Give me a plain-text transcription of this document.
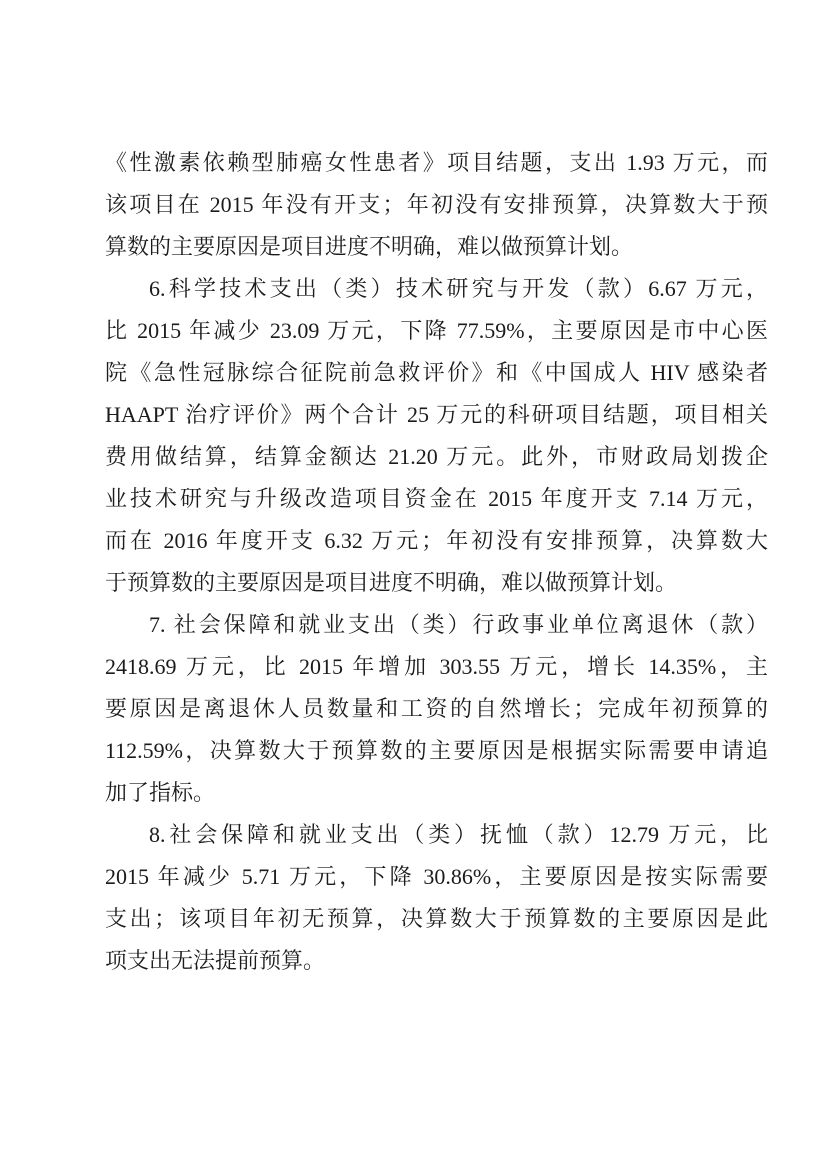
《性激素依赖型肺癌女性患者》项目结题，支出 1.93 万元，而
该项目在 2015 年没有开支；年初没有安排预算，决算数大于预
算数的主要原因是项目进度不明确，难以做预算计划。
6.科学技术支出（类）技术研究与开发（款）6.67 万元，
比 2015 年减少 23.09 万元，下降 77.59%，主要原因是市中心医
院《急性冠脉综合征院前急救评价》和《中国成人 HIV 感染者
HAAPT 治疗评价》两个合计 25 万元的科研项目结题，项目相关
费用做结算，结算金额达 21.20 万元。此外，市财政局划拨企
业技术研究与升级改造项目资金在 2015 年度开支 7.14 万元，
而在 2016 年度开支 6.32 万元；年初没有安排预算，决算数大
于预算数的主要原因是项目进度不明确，难以做预算计划。
7. 社会保障和就业支出（类）行政事业单位离退休（款）
2418.69 万元，比 2015 年增加 303.55 万元，增长 14.35%，主
要原因是离退休人员数量和工资的自然增长；完成年初预算的
112.59%，决算数大于预算数的主要原因是根据实际需要申请追
加了指标。
8.社会保障和就业支出（类）抚恤（款）12.79 万元，比
2015 年减少 5.71 万元，下降 30.86%，主要原因是按实际需要
支出；该项目年初无预算，决算数大于预算数的主要原因是此
项支出无法提前预算。
